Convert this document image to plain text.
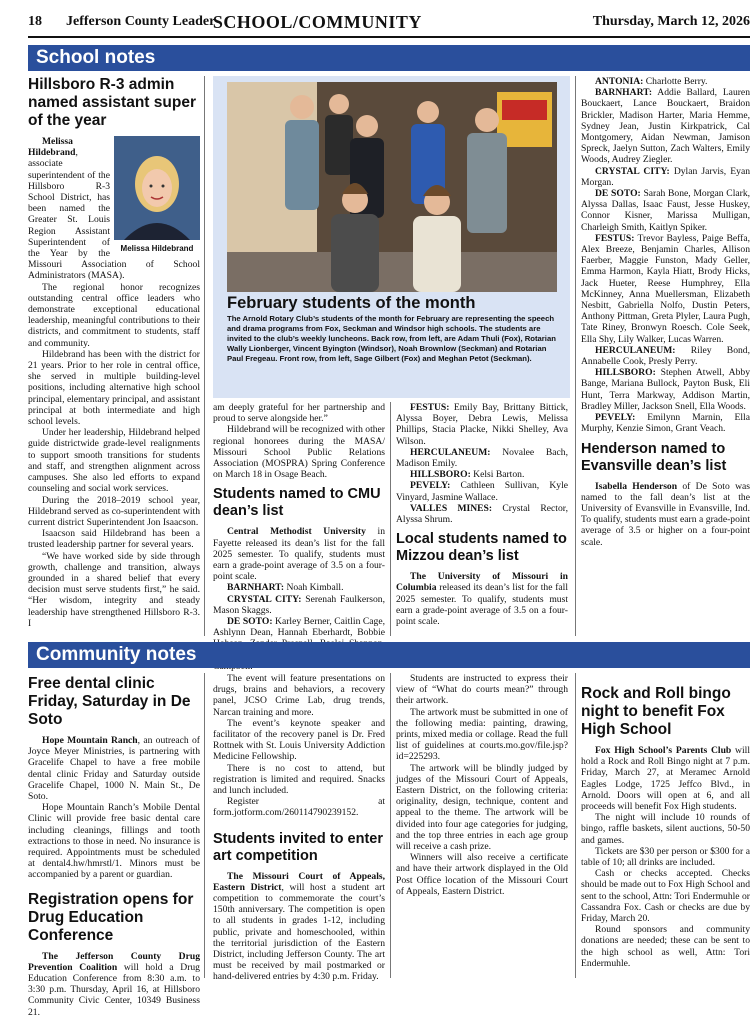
18 Jefferson County Leader
SCHOOL/COMMUNITY	Thursday, March 12, 2026
School notes
Hillsboro R-3 admin named assistant super of the year
Melissa Hildebrand

Melissa Hildebrand, associate superintendent of the Hillsboro R-3 School District, has been named the Greater St. Louis Region Assistant Superintendent of the Year by the Missouri Association of School Administrators (MASA).

The regional honor recognizes outstanding central office leaders who demonstrate exceptional educational leadership, meaningful contributions to their districts, and commitment to students, staff and community.

Hildebrand has been with the district for 21 years. Prior to her role in central office, she served in multiple building-level positions, including alternative high school principal, elementary principal, and assistant principal at both intermediate and high school levels.

Under her leadership, Hildebrand helped guide districtwide grade-level realignments to support smooth transitions for students and staff, and strengthen alignment across campuses. She also led efforts to expand counseling and social work services.

During the 2018–2019 school year, Hildebrand served as co-superintendent with current district Superintendent Jon Isaacson.

Isaacson said Hildebrand has been a trusted leadership partner for several years.

“We have worked side by side through growth, challenge and transition, always grounded in a shared belief that every decision must serve students first,” he said. “Her wisdom, integrity and steady leadership have strengthened Hillsboro R-3. I

February students of the month
The Arnold Rotary Club’s students of the month for February are representing the speech and drama programs from Fox, Seckman and Windsor high schools. The students are invited to the club’s weekly luncheons. Back row, from left, are Adam Thuli (Fox), Rotarian Wally Lionberger, Vincent Byington (Windsor), Noah Brownlow (Seckman) and Rotarian Paul Fregeau. Front row, from left, Sage Gilbert (Fox) and Meghan Petot (Seckman).

am deeply grateful for her partnership and proud to serve alongside her.”

Hildebrand will be recognized with other regional honorees during the MASA/ Missouri School Public Relations Association (MOSPRA) Spring Conference on March 18 in Osage Beach.

Students named to CMU dean’s list

Central Methodist University in Fayette released its dean’s list for the fall 2025 semester. To qualify, students must earn a grade-point average of 3.5 on a four-point scale.

BARNHART: Noah Kimball.

CRYSTAL CITY: Serenah Faulkerson, Mason Skaggs.

DE SOTO: Karley Berner, Caitlin Cage, Ashlynn Dean, Hannah Eberhardt, Bobbie

FESTUS: Emily Bay, Brittany Bittick, Alyssa Boyer, Debra Lewis, Melissa Phillips, Stacia Placke, Nikki Shelley, Ava Wilson.

HERCULANEUM: Novalee Bach, Madison Emily.

HILLSBORO: Kelsi Barton.

PEVELY: Cathleen Sullivan, Kyle Vinyard, Jasmine Wallace.

VALLES MINES: Crystal Rector, Alyssa Shrum.

Local students named to Mizzou dean’s list

The University of Missouri in Columbia released its dean’s list for the fall 2025 semester. To qualify, students must earn a grade-point average of 3.5 on a four-point scale.

ANTONIA: Charlotte Berry.

BARNHART: Addie Ballard, Lauren Bouckaert, Lance Bouckaert, Braidon Brickler, Madison Harter, Maria Hemme, Sydney Jean, Justin Kirkpatrick, Cal Montgomery, Aidan Newman, Jamison Spreck, Jaelyn Sutton, Zach Walters, Emily Woods, Audrey Ziegler.

CRYSTAL CITY: Dylan Jarvis, Eyan Morgan.

DE SOTO: Sarah Bone, Morgan Clark, Alyssa Dallas, Isaac Faust, Jesse Huskey, Connor Kisner, Marissa Mulligan, Charleigh Smith, Kaitlyn Spiker.

FESTUS: Trevor Bayless, Paige Beffa, Alex Breeze, Benjamin Charles, Allison Faerber, Maggie Funston, Mady Geller, Emma Harmon, Kayla Hiatt, Brody Hicks, Jack Hueter, Reese Humphrey, Ella McKinney, Anna Muellersman, Elizabeth Nesbitt, Gabriella Nolfo, Dustin Peters, Anthony Pittman, Greta Plyler, Laura Pugh, Tate Riney, Bronwyn Roesch. Cole Seek, Ella Shy, Lily Walker, Lucas Warren.

HERCULANEUM: Riley Bond, Annabelle Cook, Presly Perry.

HILLSBORO: Stephen Atwell, Abby Bange, Mariana Bullock, Payton Busk, Eli Hunt, Terra Markway, Addison Martin, Bradley Miller, Jackson Snell, Ella Woods.

PEVELY: Emilynn Marnin, Ella Murphy, Kenzie Simon, Grant Veach.

Henderson named to Evansville dean’s list

Isabella Henderson of De Soto was named to the fall dean’s list at the University of Evansville in Evansville, Ind. To qualify, students must earn a grade-point average of 3.5 or higher on a four-point scale.

Community notes
Free dental clinic Friday, Saturday in De Soto

Hope Mountain Ranch, an outreach of Joyce Meyer Ministries, is partnering with Gracelife Chapel to have a free mobile dental clinic Friday and Saturday outside Gracelife Chapel, 1000 N. Main St., De Soto.

Hope Mountain Ranch’s Mobile Dental Clinic will provide free basic dental care including cleanings, fillings and tooth extractions to those in need. No insurance is required. Appointments must be scheduled at dental4.hw/hmrstl/1. Minors must be accompanied by a parent or guardian.

Registration opens for Drug Education Conference

The Jefferson County Drug Prevention Coalition will hold a Drug Education Conference from 8:30 a.m. to 3:30 p.m. Thursday, April 16, at Hillsboro Community Civic Center, 10349 Business 21.

The event will feature presentations on drugs, brains and behaviors, a recovery panel, JCSO Crime Lab, drug trends, Narcan training and more.

The event’s keynote speaker and facilitator of the recovery panel is Dr. Fred Rottnek with St. Louis University Addiction Medicine Fellowship.

There is no cost to attend, but registration is limited and required. Snacks and lunch included.

Register at form.jotform.com/260114790239152.

Students invited to enter art competition

The Missouri Court of Appeals, Eastern District, will host a student art competition to commemorate the court’s 150th anniversary. The competition is open to all students in grades 1-12, including public, private and homeschooled, within the territorial jurisdiction of the Eastern District, including Jefferson County. The art must be received by mail postmarked or hand-delivered entries by 4:30 p.m. Friday.

Students are instructed to express their view of “What do courts mean?” through their artwork.

The artwork must be submitted in one of the following media: painting, drawing, prints, mixed media or collage. Read the full list of guidelines at courts.mo.gov/file.jsp?id=225293.

The artwork will be blindly judged by judges of the Missouri Court of Appeals, Eastern District, on the following criteria: originality, design, technique, content and appeal to the theme. The artwork will be divided into four age categories for judging, and the top three entries in each age group will receive a cash prize.

Winners will also receive a certificate and have their artwork displayed in the Old Post Office location of the Missouri Court of Appeals, Eastern District.

Rock and Roll bingo night to benefit Fox High School

Fox High School’s Parents Club will hold a Rock and Roll Bingo night at 7 p.m. Friday, March 27, at Meramec Arnold Eagles Lodge, 1725 Jeffco Blvd., in Arnold. Doors will open at 6, and all proceeds will benefit Fox High students.

The night will include 10 rounds of bingo, raffle baskets, silent auctions, 50-50 and games.

Tickets are $30 per person or $300 for a table of 10; all drinks are included.

Cash or checks accepted. Checks should be made out to Fox High School and sent to the school, Attn: Tori Endermuhle or Cassandra Fox. Cash or checks are due by Friday, March 20.

Round sponsors and community donations are needed; these can be sent to the high school as well, Attn: Tori Endermuhle.
